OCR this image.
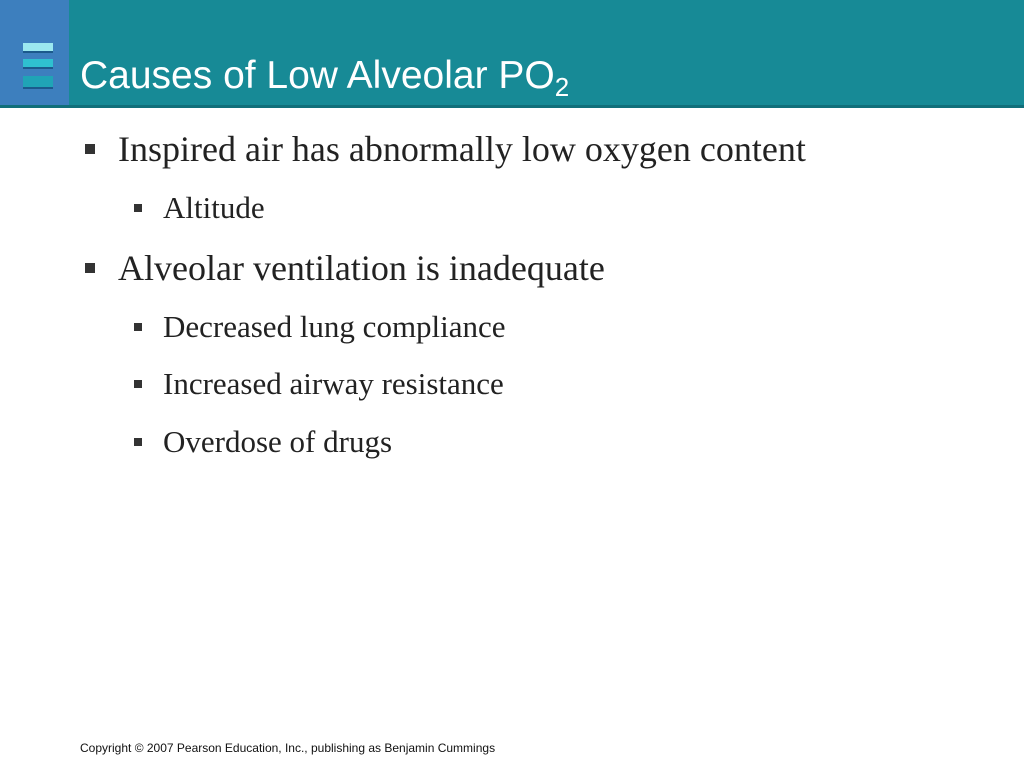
Causes of Low Alveolar $PO_2$
Inspired air has abnormally low oxygen content
Altitude
Alveolar ventilation is inadequate
Decreased lung compliance
Increased airway resistance
Overdose of drugs
Copyright © 2007 Pearson Education, Inc., publishing as Benjamin Cummings
